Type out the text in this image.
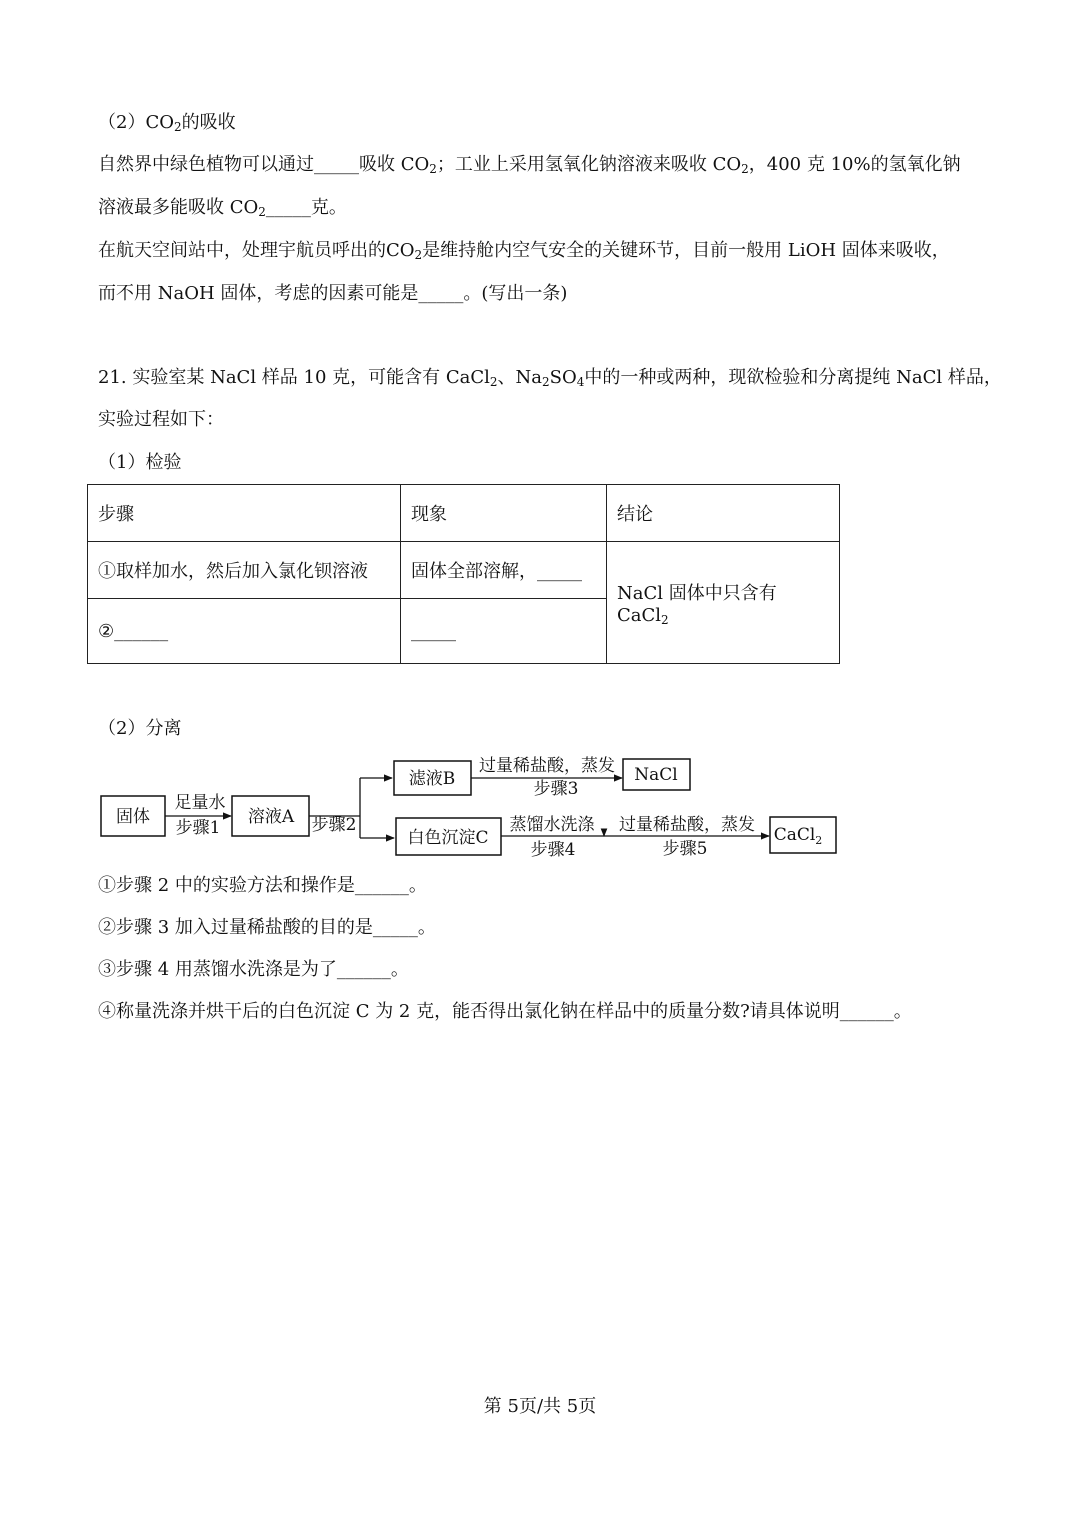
$(2)CO_2$的吸收
自然界中绿色植物可以通过_____吸收 $CO_2$；工业上采用氢氧化钠溶液来吸收 $CO_2$，400 克 10%的氢氧化钠
溶液最多能吸收 $CO_2\_\_\_\_\_$克。
在航天空间站中，处理宇航员呼出的$CO_2$是维持舱内空气安全的关键环节，目前一般用 LiOH 固体来吸收，
而不用 NaOH 固体，考虑的因素可能是_____。(写出一条)
21. 实验室某 NaCl 样品 10 克，可能含有 CaCl$_2$、$Na_2SO_4$中的一种或两种，现欲检验和分离提纯 NaCl 样品，
实验过程如下：
（1）检验
步骤	现象	结论
①取样加水，然后加入氯化钡溶液	固体全部溶解，_____	NaCl 固体中只含有 CaCl$_2$
②______	_____	
（2）分离
固体
足量水
步骤1
溶液A 步骤2
滤液B
过量稀盐酸，蒸发
步骤3
NaCl
白色沉淀C
蒸馏水洗涤
步骤4
过量稀盐酸，蒸发
步骤5
CaCl$_2$
①步骤 2 中的实验方法和操作是______。
②步骤 3 加入过量稀盐酸的目的是_____。
③步骤 4 用蒸馏水洗涤是为了______。
④称量洗涤并烘干后的白色沉淀 C 为 2 克，能否得出氯化钠在样品中的质量分数?请具体说明______。
第 5页/共 5页
